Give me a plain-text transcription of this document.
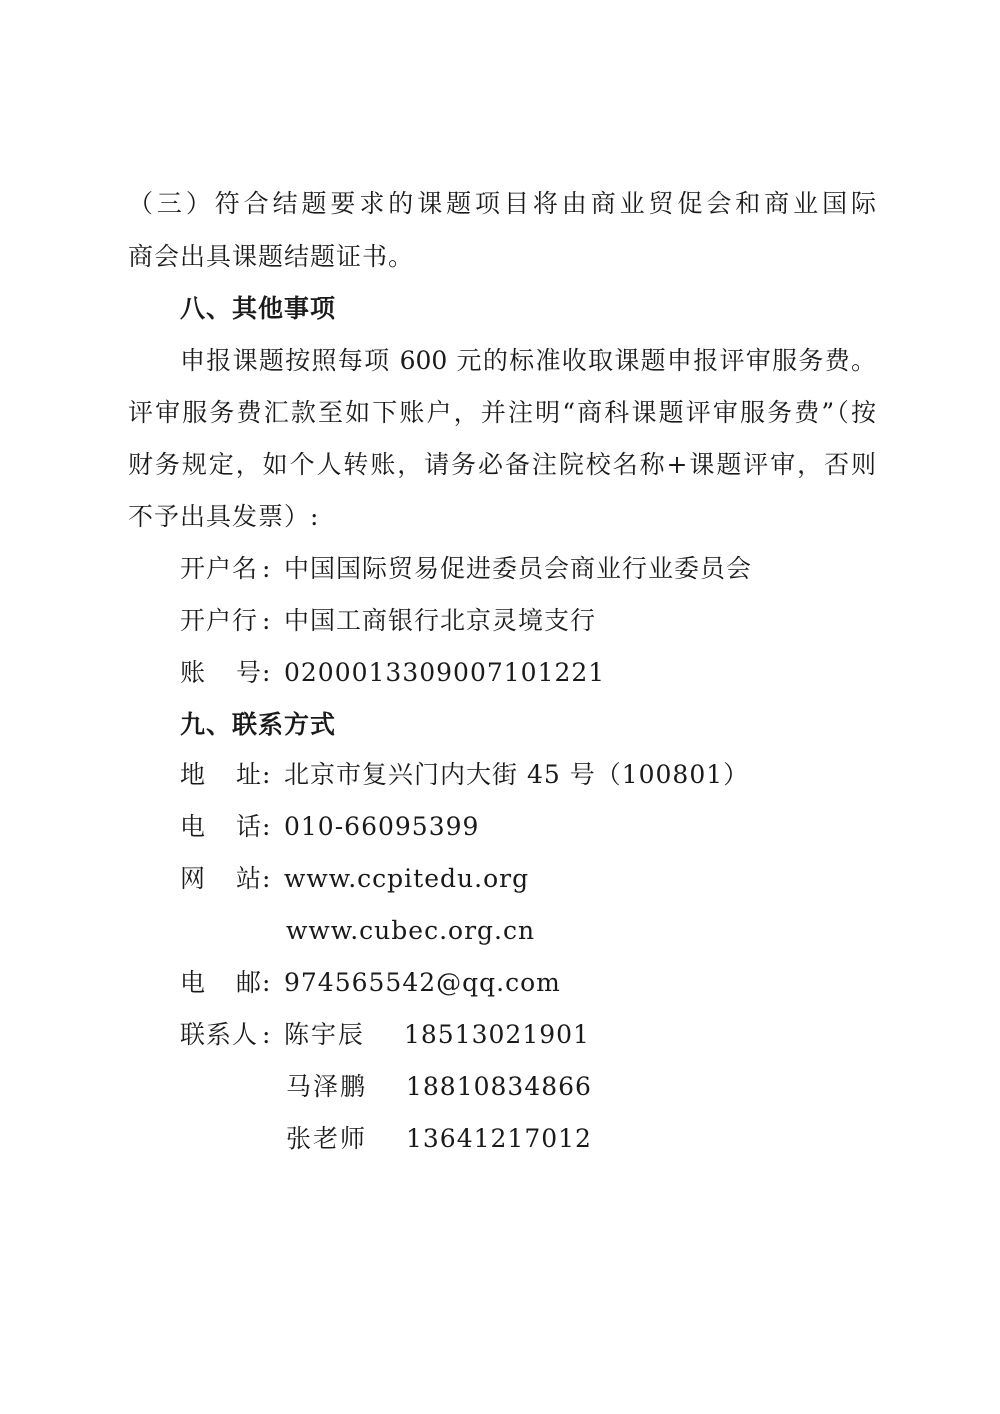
（三）符合结题要求的课题项目将由商业贸促会和商业国际
商会出具课题结题证书。
八、其他事项
申报课题按照每项 600 元的标准收取课题申报评审服务费。
评审服务费汇款至如下账户，并注明“商科课题评审服务费”（按
财务规定，如个人转账，请务必备注院校名称+课题评审，否则
不予出具发票）:
开户名 : 中国国际贸易促进委员会商业行业委员会
开户行 : 中国工商银行北京灵境支行
账 号: 0200013309007101221
九、联系方式
地 址: 北京市复兴门内大街 45 号（100801）
电 话: 010-66095399
网 站: www.ccpitedu.org
www.cubec.org.cn
电 邮: 974565542@qq.com
联系人 : 陈宇辰 18513021901
马泽鹏 18810834866
张老师 13641217012
